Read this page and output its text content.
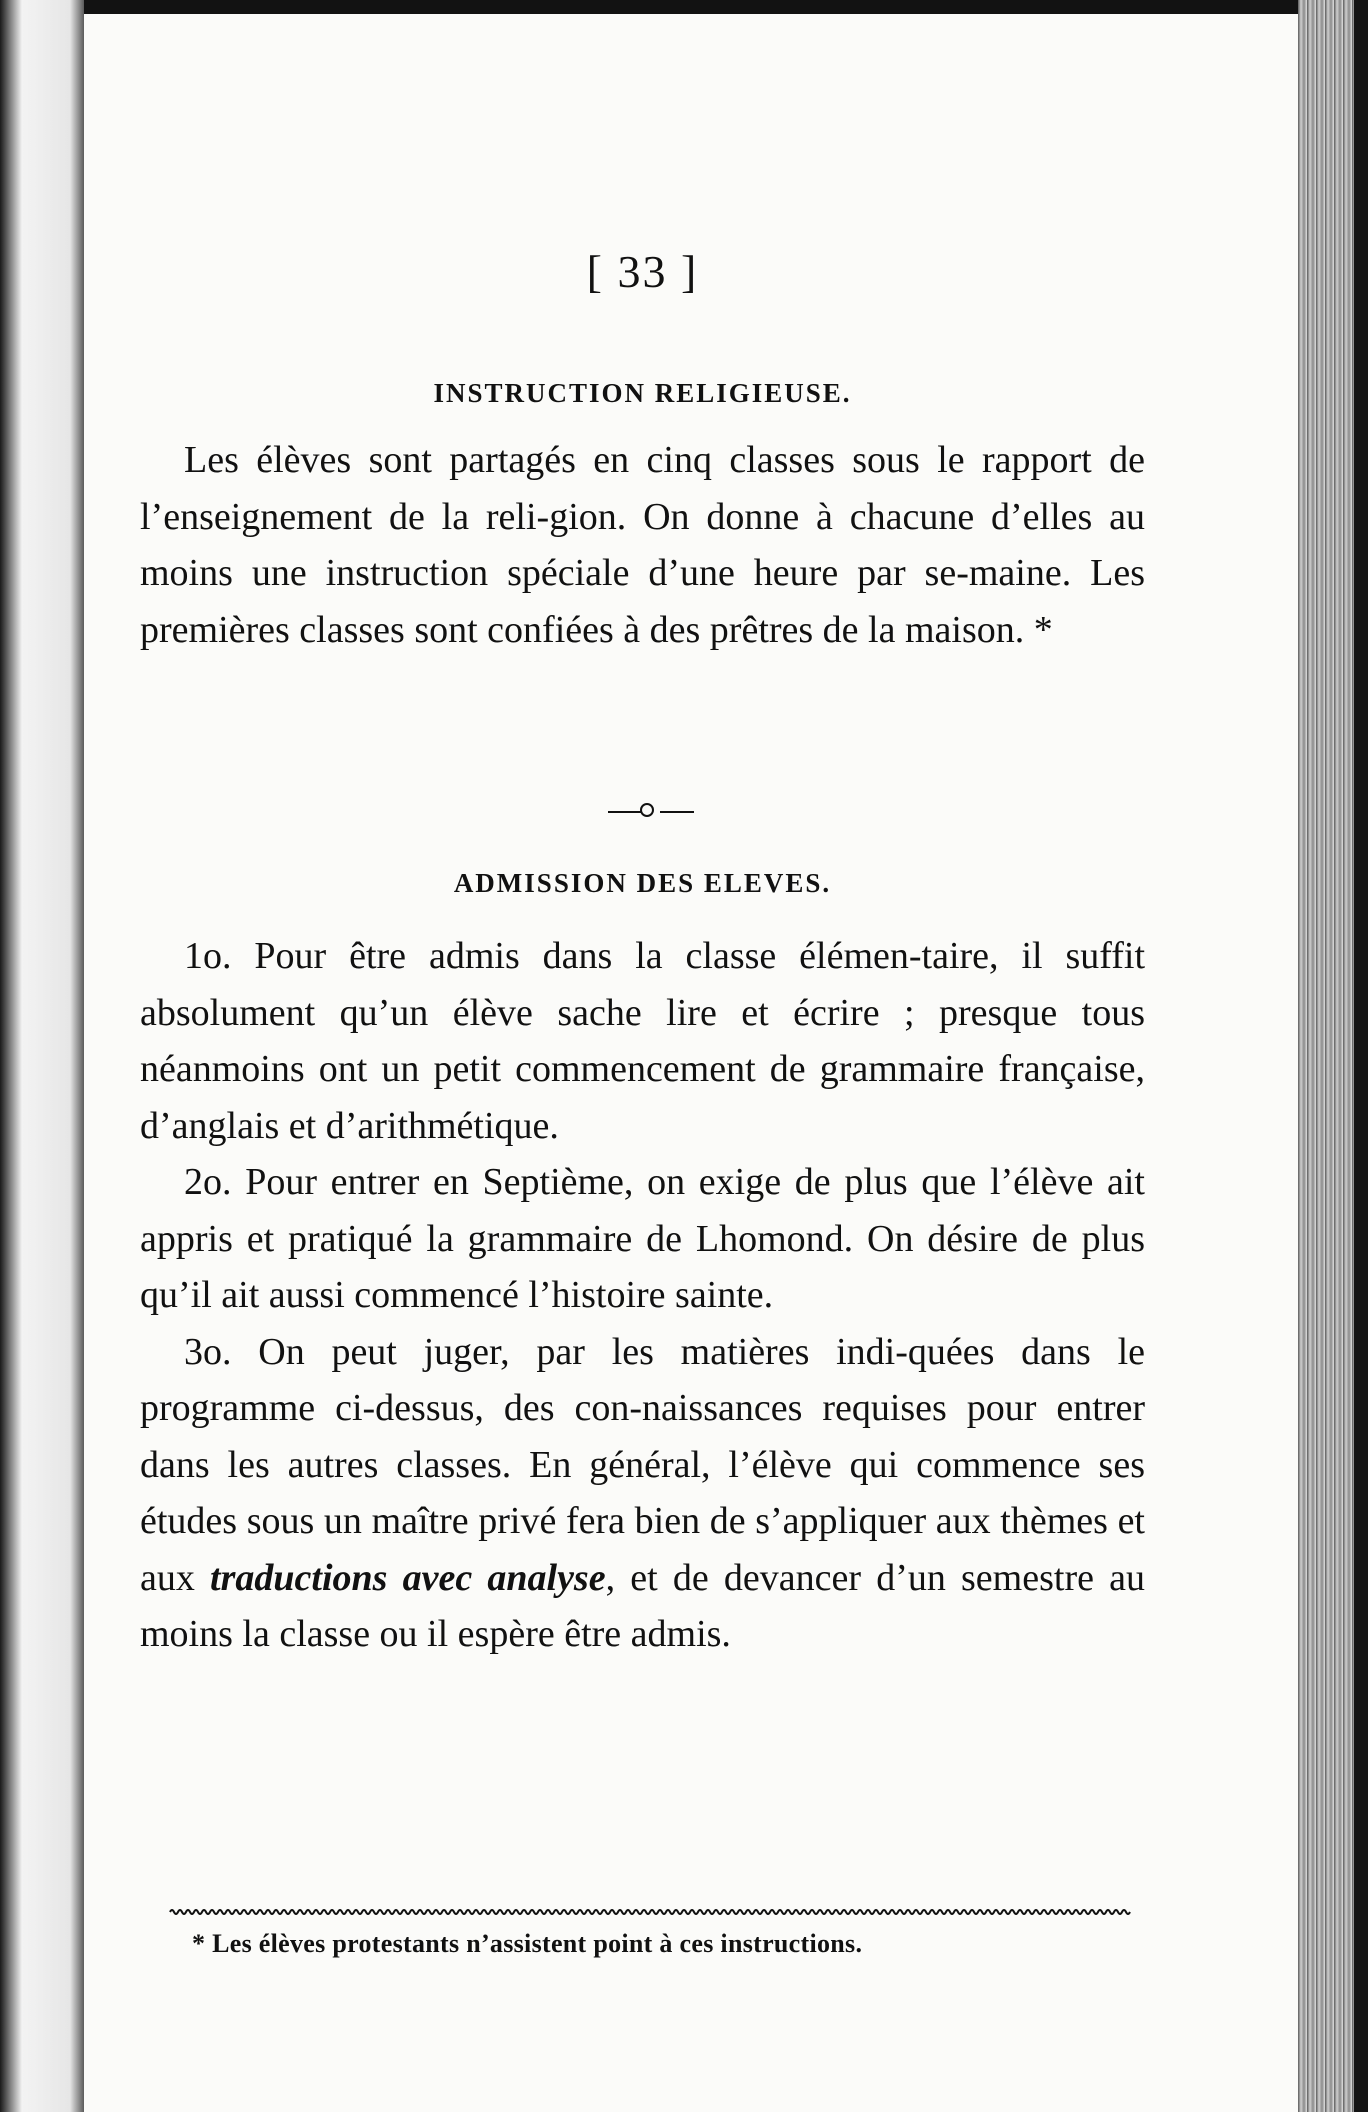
[ 33 ]
INSTRUCTION RELIGIEUSE.

Les élèves sont partagés en cinq classes sous le rapport de l’enseignement de la reli-gion. On donne à chacune d’elles au moins une instruction spéciale d’une heure par se-maine. Les premières classes sont confiées à des prêtres de la maison. *

ADMISSION DES ELEVES.

1o. Pour être admis dans la classe élémen-taire, il suffit absolument qu’un élève sache lire et écrire ; presque tous néanmoins ont un petit commencement de grammaire française, d’anglais et d’arithmétique.

2o. Pour entrer en Septième, on exige de plus que l’élève ait appris et pratiqué la grammaire de Lhomond. On désire de plus qu’il ait aussi commencé l’histoire sainte.

3o. On peut juger, par les matières indi-quées dans le programme ci-dessus, des con-naissances requises pour entrer dans les autres classes. En général, l’élève qui commence ses études sous un maître privé fera bien de s’appliquer aux thèmes et aux traductions avec analyse, et de devancer d’un semestre au moins la classe ou il espère être admis.

* Les élèves protestants n’assistent point à ces instructions.
